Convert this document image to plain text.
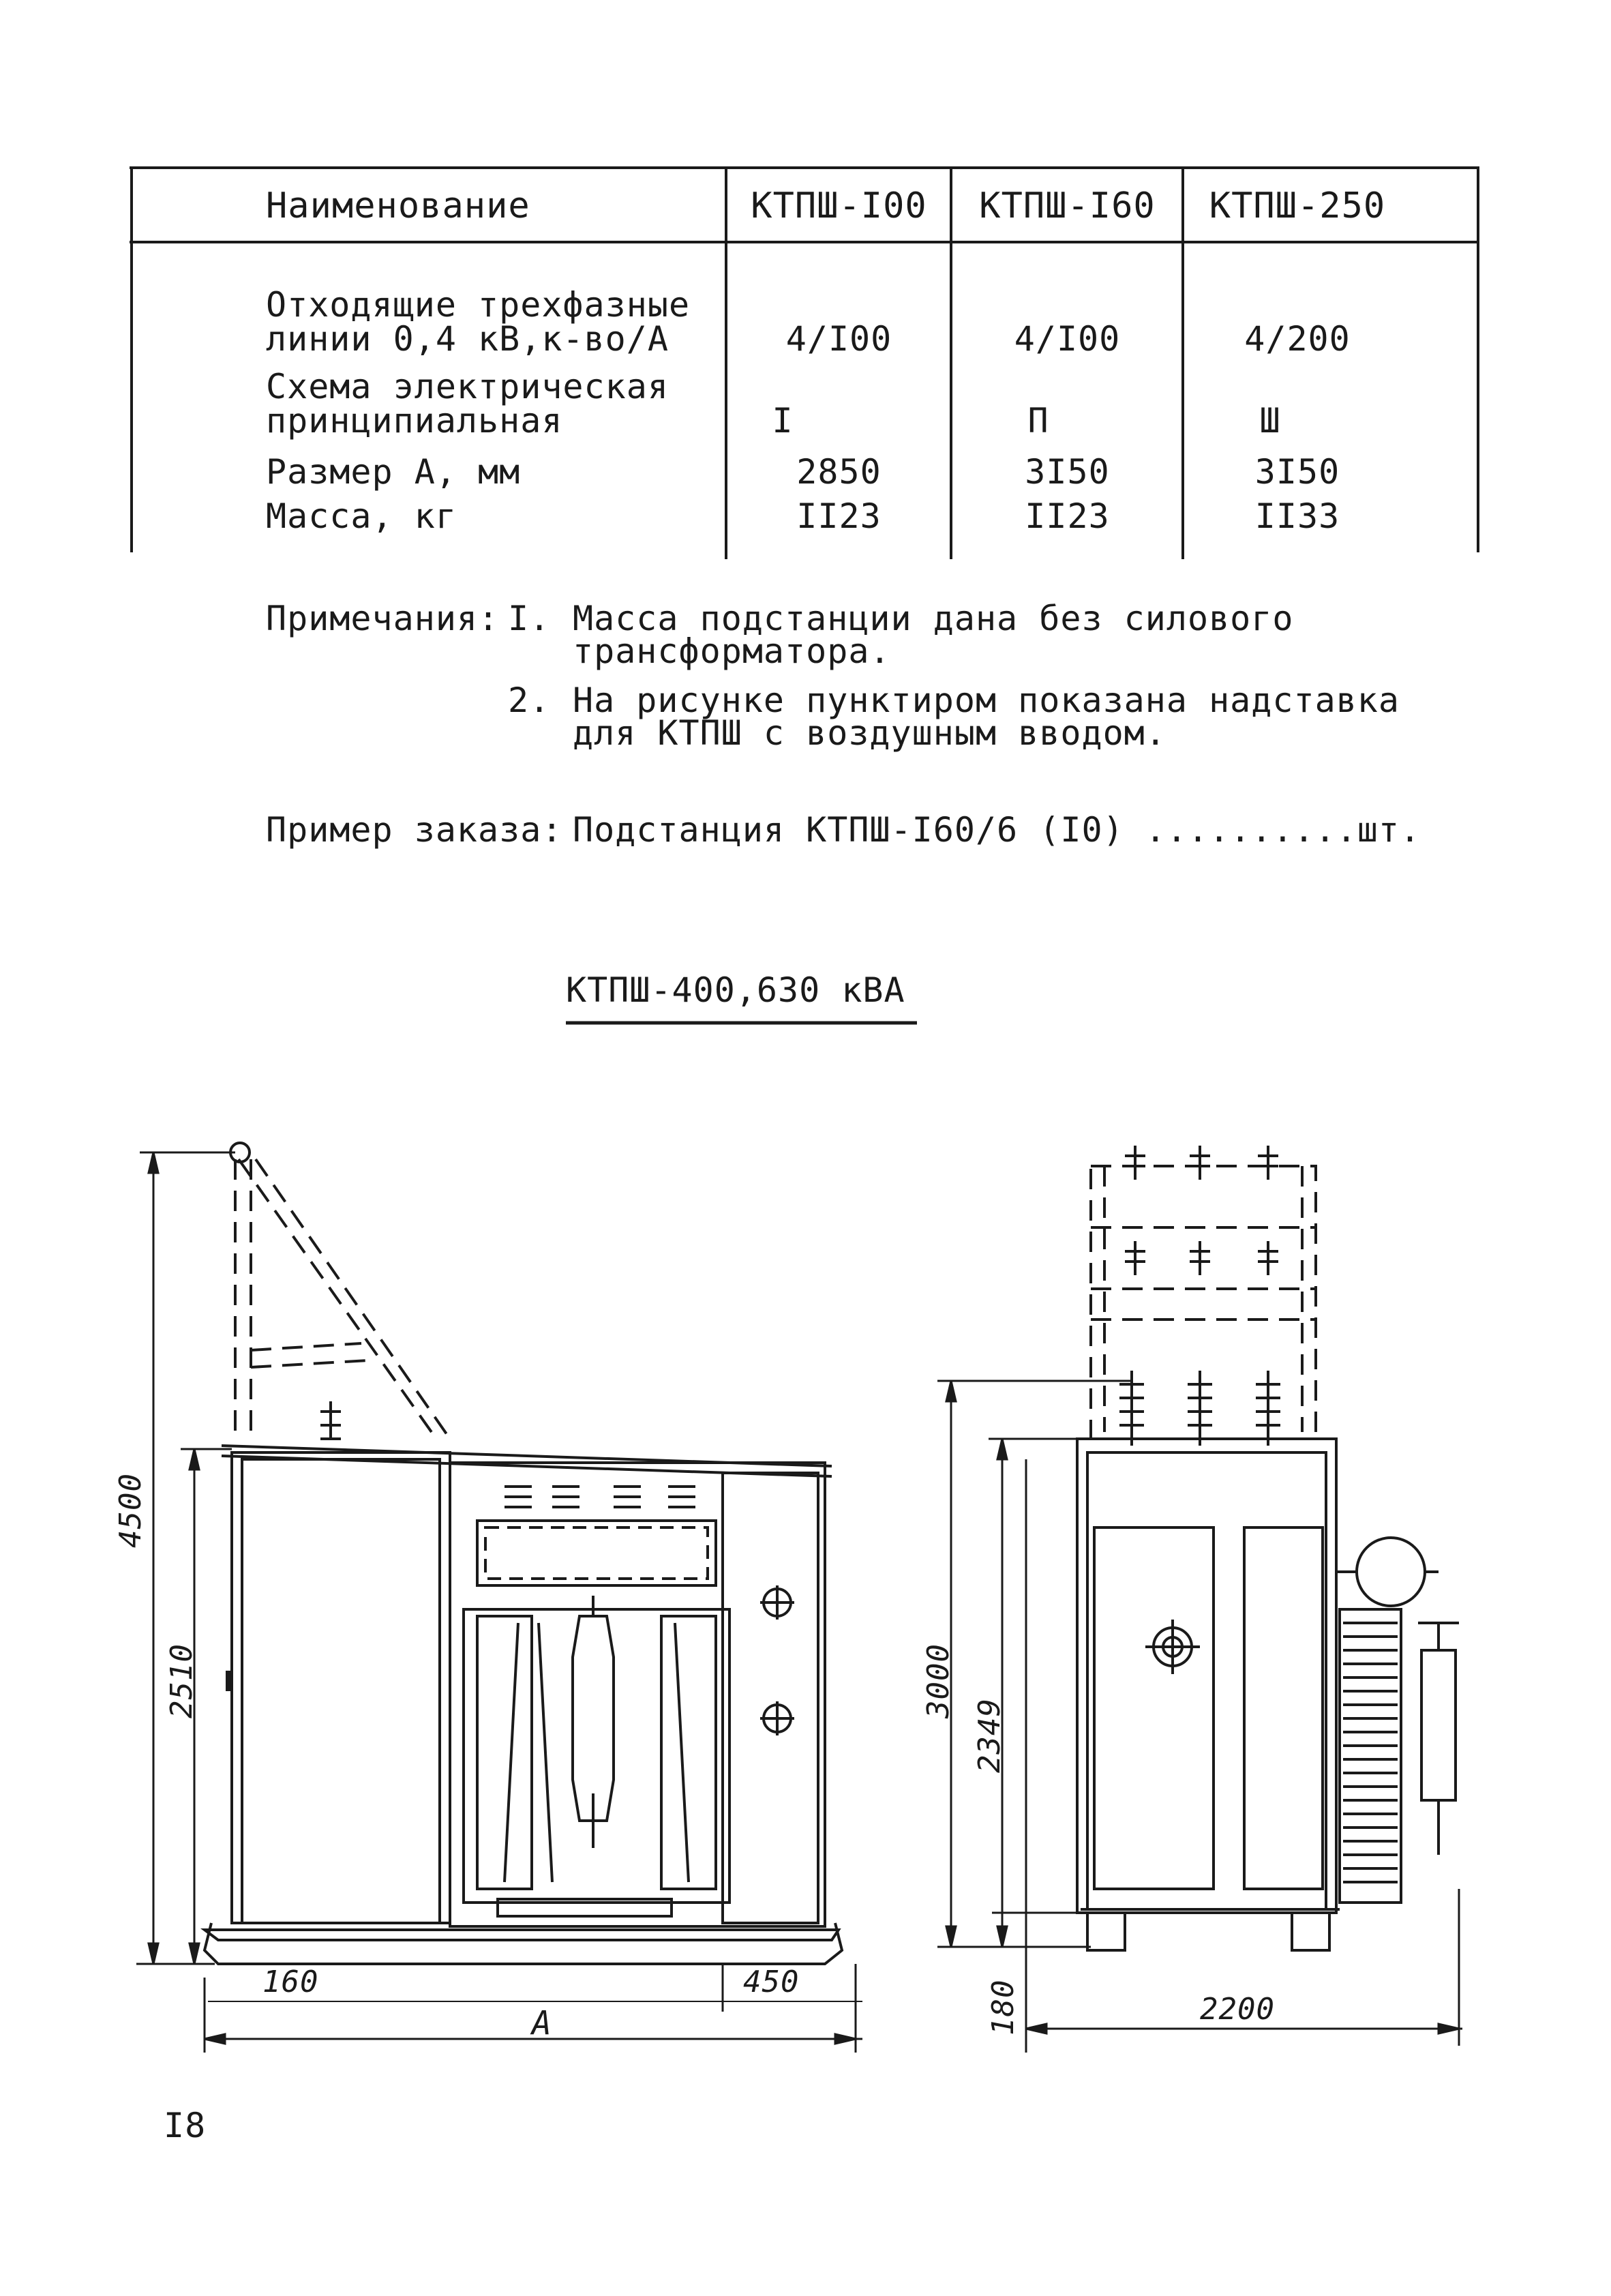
Наименование	КТПШ-I00	КТПШ-I60	КТПШ-250
Отходящие трехфазные
линии 0,4 кВ,к-во/А	4/I00	4/I00	4/200
Схема электрическая
принципиальная	I	П	Ш
Размер А, мм	2850	3I50	3I50
Масса, кг	II23	II23	II33
Примечания: I. Масса подстанции дана без силового
трансформатора.
2. На рисунке пунктиром показана надставка
для КТПШ с воздушным вводом.
Пример заказа: Подстанция КТПШ-I60/6 (I0) ..........шт.
КТПШ-400,630 кВА
4500
2510
160	450
A
3000
2349
180	2200
I8
